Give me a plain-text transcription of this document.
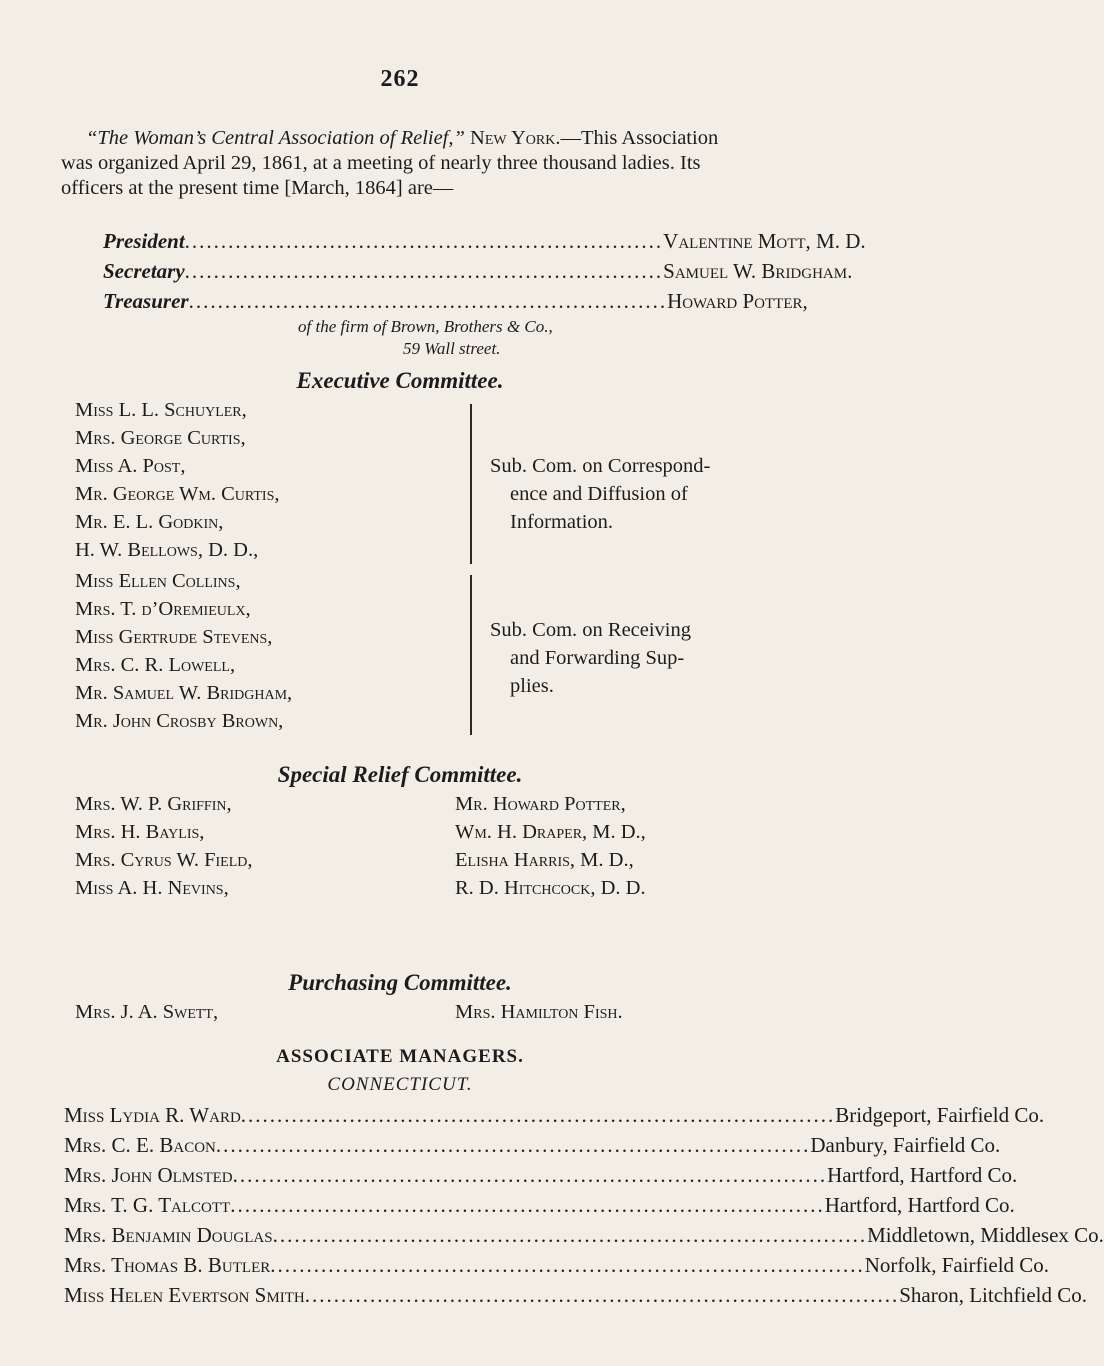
262

“The Woman’s Central Association of Relief,” New York.—This Association was organized April 29, 1861, at a meeting of nearly three thousand ladies. Its officers at the present time [March, 1864] are—

President .................................................................. Valentine Mott, M. D.
Secretary .................................................................. Samuel W. Bridgham.
Treasurer .................................................................. Howard Potter,
of the firm of Brown, Brothers & Co.,
59 Wall street.
Executive Committee.
Miss L. L. Schuyler,
Mrs. George Curtis,
Miss A. Post,
Mr. George Wm. Curtis,
Mr. E. L. Godkin,
H. W. Bellows, D. D.,
Sub. Com. on Correspond-
ence and Diffusion of
Information.
Miss Ellen Collins,
Mrs. T. d’Oremieulx,
Miss Gertrude Stevens,
Mrs. C. R. Lowell,
Mr. Samuel W. Bridgham,
Mr. John Crosby Brown,
Sub. Com. on Receiving
and Forwarding Sup-
plies.
Special Relief Committee.
Mrs. W. P. Griffin,	Mr. Howard Potter,
Mrs. H. Baylis,	Wm. H. Draper, M. D.,
Mrs. Cyrus W. Field,	Elisha Harris, M. D.,
Miss A. H. Nevins,	R. D. Hitchcock, D. D.
Purchasing Committee.
Mrs. J. A. Swett,	Mrs. Hamilton Fish.
ASSOCIATE MANAGERS.
CONNECTICUT.
Miss Lydia R. Ward .................................................................................. Bridgeport, Fairfield Co.
Mrs. C. E. Bacon .................................................................................. Danbury, Fairfield Co.
Mrs. John Olmsted .................................................................................. Hartford, Hartford Co.
Mrs. T. G. Talcott .................................................................................. Hartford, Hartford Co.
Mrs. Benjamin Douglas .................................................................................. Middletown, Middlesex Co.
Mrs. Thomas B. Butler .................................................................................. Norfolk, Fairfield Co.
Miss Helen Evertson Smith .................................................................................. Sharon, Litchfield Co.
